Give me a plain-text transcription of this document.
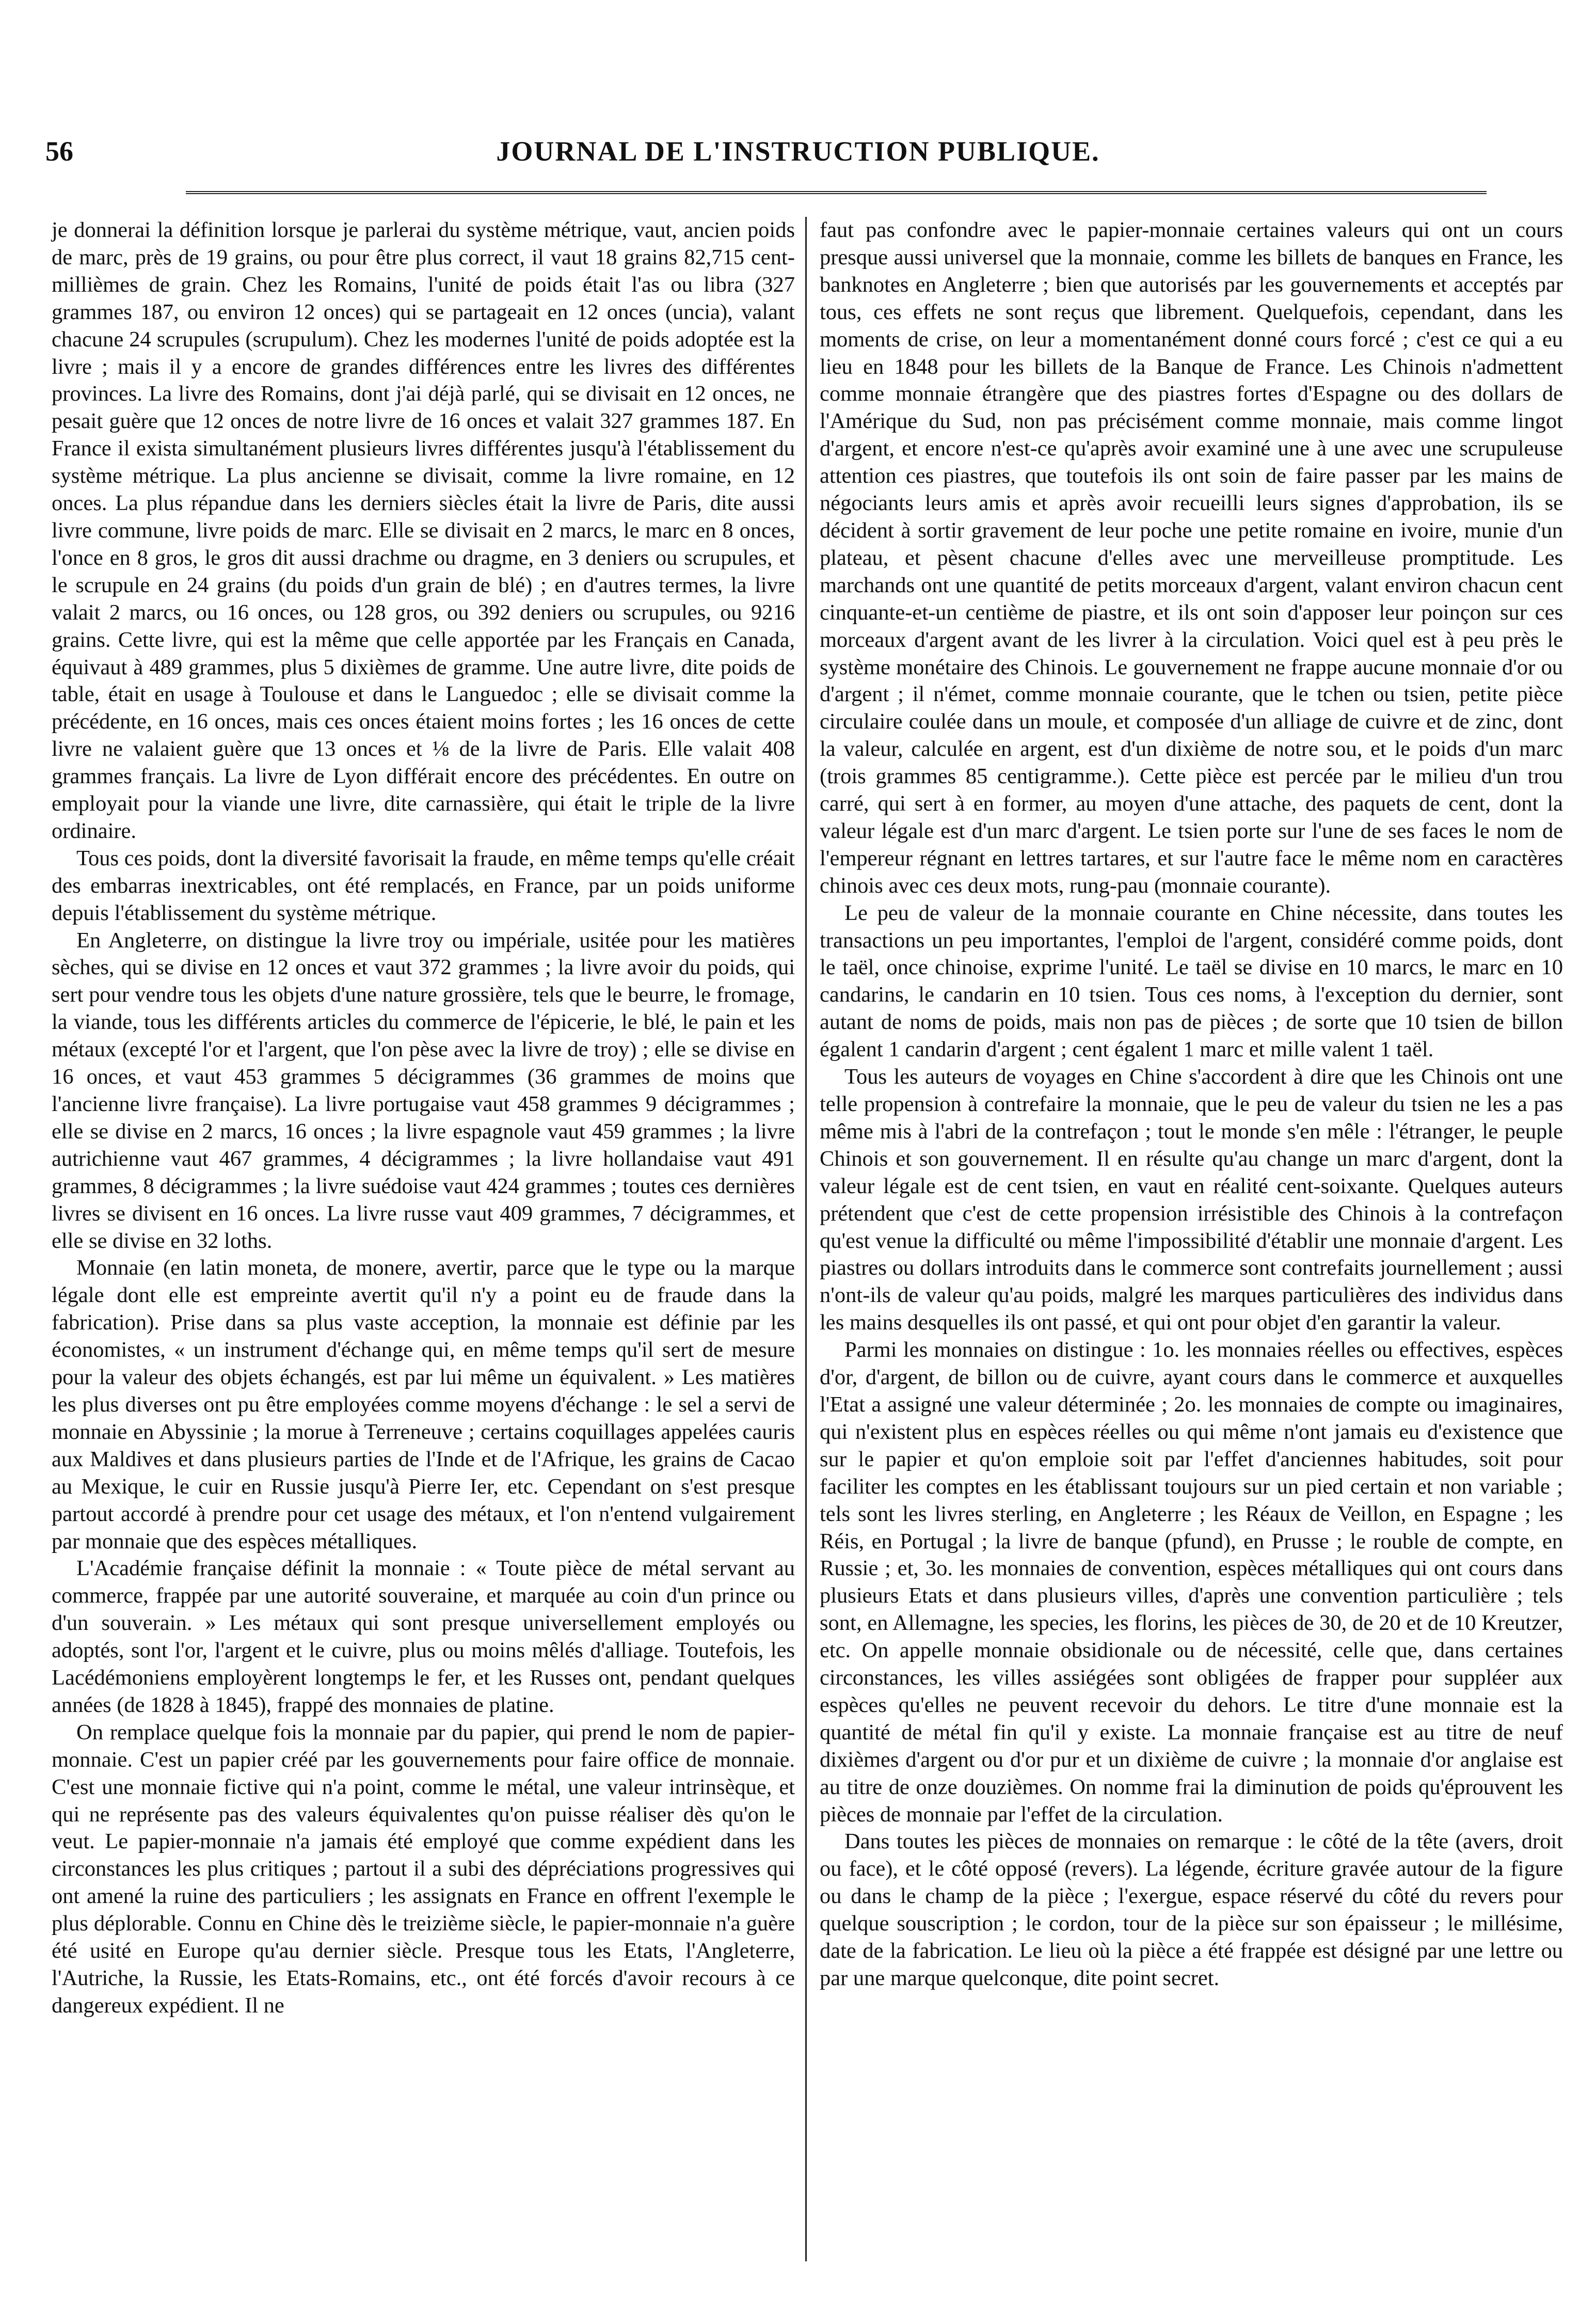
56	JOURNAL DE L'INSTRUCTION PUBLIQUE.

je donnerai la définition lorsque je parlerai du système métrique, vaut, ancien poids de marc, près de 19 grains, ou pour être plus correct, il vaut 18 grains 82,715 cent-millièmes de grain. Chez les Romains, l'unité de poids était l'as ou libra (327 grammes 187, ou environ 12 onces) qui se partageait en 12 onces (uncia), valant chacune 24 scrupules (scrupulum). Chez les modernes l'unité de poids adoptée est la livre ; mais il y a encore de grandes différences entre les livres des différentes provinces. La livre des Romains, dont j'ai déjà parlé, qui se divisait en 12 onces, ne pesait guère que 12 onces de notre livre de 16 onces et valait 327 grammes 187. En France il exista simultanément plusieurs livres différentes jusqu'à l'établissement du système métrique. La plus ancienne se divisait, comme la livre romaine, en 12 onces. La plus répandue dans les derniers siècles était la livre de Paris, dite aussi livre commune, livre poids de marc. Elle se divisait en 2 marcs, le marc en 8 onces, l'once en 8 gros, le gros dit aussi drachme ou dragme, en 3 deniers ou scrupules, et le scrupule en 24 grains (du poids d'un grain de blé) ; en d'autres termes, la livre valait 2 marcs, ou 16 onces, ou 128 gros, ou 392 deniers ou scrupules, ou 9216 grains. Cette livre, qui est la même que celle apportée par les Français en Canada, équivaut à 489 grammes, plus 5 dixièmes de gramme. Une autre livre, dite poids de table, était en usage à Toulouse et dans le Languedoc ; elle se divisait comme la précédente, en 16 onces, mais ces onces étaient moins fortes ; les 16 onces de cette livre ne valaient guère que 13 onces et ⅛ de la livre de Paris. Elle valait 408 grammes français. La livre de Lyon différait encore des précédentes. En outre on employait pour la viande une livre, dite carnassière, qui était le triple de la livre ordinaire.

Tous ces poids, dont la diversité favorisait la fraude, en même temps qu'elle créait des embarras inextricables, ont été remplacés, en France, par un poids uniforme depuis l'établissement du système métrique.

En Angleterre, on distingue la livre troy ou impériale, usitée pour les matières sèches, qui se divise en 12 onces et vaut 372 grammes ; la livre avoir du poids, qui sert pour vendre tous les objets d'une nature grossière, tels que le beurre, le fromage, la viande, tous les différents articles du commerce de l'épicerie, le blé, le pain et les métaux (excepté l'or et l'argent, que l'on pèse avec la livre de troy) ; elle se divise en 16 onces, et vaut 453 grammes 5 décigrammes (36 grammes de moins que l'ancienne livre française). La livre portugaise vaut 458 grammes 9 décigrammes ; elle se divise en 2 marcs, 16 onces ; la livre espagnole vaut 459 grammes ; la livre autrichienne vaut 467 grammes, 4 décigrammes ; la livre hollandaise vaut 491 grammes, 8 décigrammes ; la livre suédoise vaut 424 grammes ; toutes ces dernières livres se divisent en 16 onces. La livre russe vaut 409 grammes, 7 décigrammes, et elle se divise en 32 loths.

Monnaie (en latin moneta, de monere, avertir, parce que le type ou la marque légale dont elle est empreinte avertit qu'il n'y a point eu de fraude dans la fabrication). Prise dans sa plus vaste acception, la monnaie est définie par les économistes, « un instrument d'échange qui, en même temps qu'il sert de mesure pour la valeur des objets échangés, est par lui même un équivalent. » Les matières les plus diverses ont pu être employées comme moyens d'échange : le sel a servi de monnaie en Abyssinie ; la morue à Terreneuve ; certains coquillages appelées cauris aux Maldives et dans plusieurs parties de l'Inde et de l'Afrique, les grains de Cacao au Mexique, le cuir en Russie jusqu'à Pierre Ier, etc. Cependant on s'est presque partout accordé à prendre pour cet usage des métaux, et l'on n'entend vulgairement par monnaie que des espèces métalliques.

L'Académie française définit la monnaie : « Toute pièce de métal servant au commerce, frappée par une autorité souveraine, et marquée au coin d'un prince ou d'un souverain. » Les métaux qui sont presque universellement employés ou adoptés, sont l'or, l'argent et le cuivre, plus ou moins mêlés d'alliage. Toutefois, les Lacédémoniens employèrent longtemps le fer, et les Russes ont, pendant quelques années (de 1828 à 1845), frappé des monnaies de platine.

On remplace quelque fois la monnaie par du papier, qui prend le nom de papier-monnaie. C'est un papier créé par les gouvernements pour faire office de monnaie. C'est une monnaie fictive qui n'a point, comme le métal, une valeur intrinsèque, et qui ne représente pas des valeurs équivalentes qu'on puisse réaliser dès qu'on le veut. Le papier-monnaie n'a jamais été employé que comme expédient dans les circonstances les plus critiques ; partout il a subi des dépréciations progressives qui ont amené la ruine des particuliers ; les assignats en France en offrent l'exemple le plus déplorable. Connu en Chine dès le treizième siècle, le papier-monnaie n'a guère été usité en Europe qu'au dernier siècle. Presque tous les Etats, l'Angleterre, l'Autriche, la Russie, les Etats-Romains, etc., ont été forcés d'avoir recours à ce dangereux expédient. Il ne

faut pas confondre avec le papier-monnaie certaines valeurs qui ont un cours presque aussi universel que la monnaie, comme les billets de banques en France, les banknotes en Angleterre ; bien que autorisés par les gouvernements et acceptés par tous, ces effets ne sont reçus que librement. Quelquefois, cependant, dans les moments de crise, on leur a momentanément donné cours forcé ; c'est ce qui a eu lieu en 1848 pour les billets de la Banque de France. Les Chinois n'admettent comme monnaie étrangère que des piastres fortes d'Espagne ou des dollars de l'Amérique du Sud, non pas précisément comme monnaie, mais comme lingot d'argent, et encore n'est-ce qu'après avoir examiné une à une avec une scrupuleuse attention ces piastres, que toutefois ils ont soin de faire passer par les mains de négociants leurs amis et après avoir recueilli leurs signes d'approbation, ils se décident à sortir gravement de leur poche une petite romaine en ivoire, munie d'un plateau, et pèsent chacune d'elles avec une merveilleuse promptitude. Les marchands ont une quantité de petits morceaux d'argent, valant environ chacun cent cinquante-et-un centième de piastre, et ils ont soin d'apposer leur poinçon sur ces morceaux d'argent avant de les livrer à la circulation. Voici quel est à peu près le système monétaire des Chinois. Le gouvernement ne frappe aucune monnaie d'or ou d'argent ; il n'émet, comme monnaie courante, que le tchen ou tsien, petite pièce circulaire coulée dans un moule, et composée d'un alliage de cuivre et de zinc, dont la valeur, calculée en argent, est d'un dixième de notre sou, et le poids d'un marc (trois grammes 85 centigramme.). Cette pièce est percée par le milieu d'un trou carré, qui sert à en former, au moyen d'une attache, des paquets de cent, dont la valeur légale est d'un marc d'argent. Le tsien porte sur l'une de ses faces le nom de l'empereur régnant en lettres tartares, et sur l'autre face le même nom en caractères chinois avec ces deux mots, rung-pau (monnaie courante).

Le peu de valeur de la monnaie courante en Chine nécessite, dans toutes les transactions un peu importantes, l'emploi de l'argent, considéré comme poids, dont le taël, once chinoise, exprime l'unité. Le taël se divise en 10 marcs, le marc en 10 candarins, le candarin en 10 tsien. Tous ces noms, à l'exception du dernier, sont autant de noms de poids, mais non pas de pièces ; de sorte que 10 tsien de billon égalent 1 candarin d'argent ; cent égalent 1 marc et mille valent 1 taël.

Tous les auteurs de voyages en Chine s'accordent à dire que les Chinois ont une telle propension à contrefaire la monnaie, que le peu de valeur du tsien ne les a pas même mis à l'abri de la contrefaçon ; tout le monde s'en mêle : l'étranger, le peuple Chinois et son gouvernement. Il en résulte qu'au change un marc d'argent, dont la valeur légale est de cent tsien, en vaut en réalité cent-soixante. Quelques auteurs prétendent que c'est de cette propension irrésistible des Chinois à la contrefaçon qu'est venue la difficulté ou même l'impossibilité d'établir une monnaie d'argent. Les piastres ou dollars introduits dans le commerce sont contrefaits journellement ; aussi n'ont-ils de valeur qu'au poids, malgré les marques particulières des individus dans les mains desquelles ils ont passé, et qui ont pour objet d'en garantir la valeur.

Parmi les monnaies on distingue : 1o. les monnaies réelles ou effectives, espèces d'or, d'argent, de billon ou de cuivre, ayant cours dans le commerce et auxquelles l'Etat a assigné une valeur déterminée ; 2o. les monnaies de compte ou imaginaires, qui n'existent plus en espèces réelles ou qui même n'ont jamais eu d'existence que sur le papier et qu'on emploie soit par l'effet d'anciennes habitudes, soit pour faciliter les comptes en les établissant toujours sur un pied certain et non variable ; tels sont les livres sterling, en Angleterre ; les Réaux de Veillon, en Espagne ; les Réis, en Portugal ; la livre de banque (pfund), en Prusse ; le rouble de compte, en Russie ; et, 3o. les monnaies de convention, espèces métalliques qui ont cours dans plusieurs Etats et dans plusieurs villes, d'après une convention particulière ; tels sont, en Allemagne, les species, les florins, les pièces de 30, de 20 et de 10 Kreutzer, etc. On appelle monnaie obsidionale ou de nécessité, celle que, dans certaines circonstances, les villes assiégées sont obligées de frapper pour suppléer aux espèces qu'elles ne peuvent recevoir du dehors. Le titre d'une monnaie est la quantité de métal fin qu'il y existe. La monnaie française est au titre de neuf dixièmes d'argent ou d'or pur et un dixième de cuivre ; la monnaie d'or anglaise est au titre de onze douzièmes. On nomme frai la diminution de poids qu'éprouvent les pièces de monnaie par l'effet de la circulation.

Dans toutes les pièces de monnaies on remarque : le côté de la tête (avers, droit ou face), et le côté opposé (revers). La légende, écriture gravée autour de la figure ou dans le champ de la pièce ; l'exergue, espace réservé du côté du revers pour quelque souscription ; le cordon, tour de la pièce sur son épaisseur ; le millésime, date de la fabrication. Le lieu où la pièce a été frappée est désigné par une lettre ou par une marque quelconque, dite point secret.
